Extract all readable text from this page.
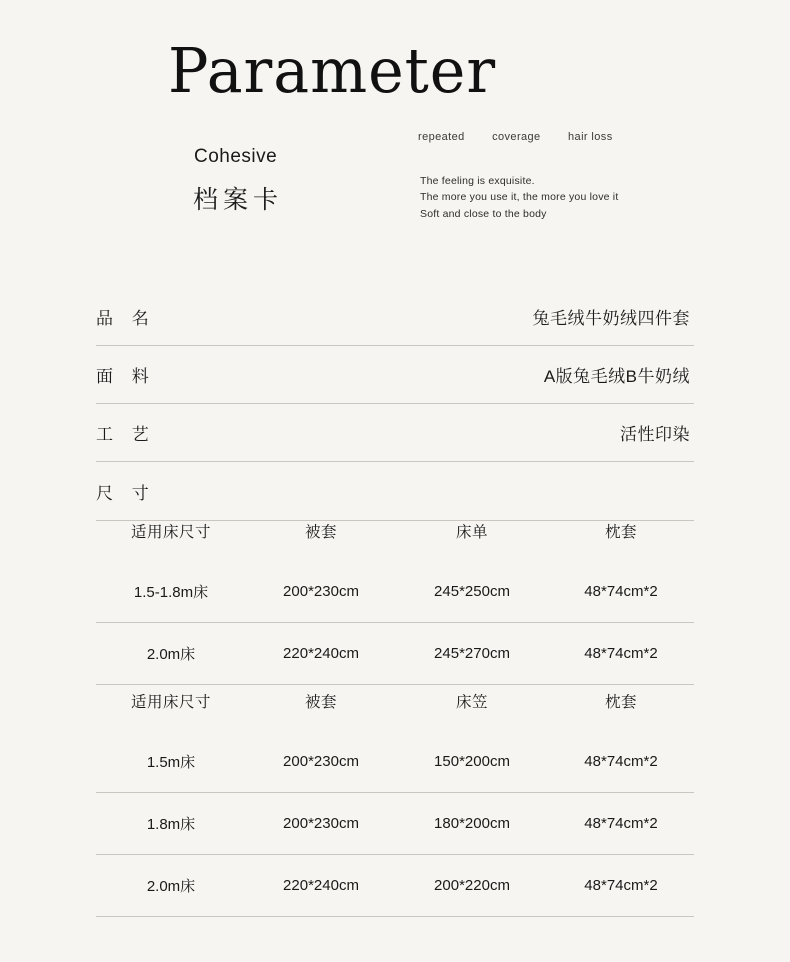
Parameter
Cohesive
档案卡
repeated coverage hair loss
The feeling is exquisite.
The more you use it, the more you love it
Soft and close to the body
品 名	兔毛绒牛奶绒四件套
面 料	A版兔毛绒B牛奶绒
工 艺	活性印染
尺 寸
适用床尺寸	被套	床单	枕套
1.5-1.8m床	200*230cm	245*250cm	48*74cm*2
2.0m床	220*240cm	245*270cm	48*74cm*2
适用床尺寸	被套	床笠	枕套
1.5m床	200*230cm	150*200cm	48*74cm*2
1.8m床	200*230cm	180*200cm	48*74cm*2
2.0m床	220*240cm	200*220cm	48*74cm*2
